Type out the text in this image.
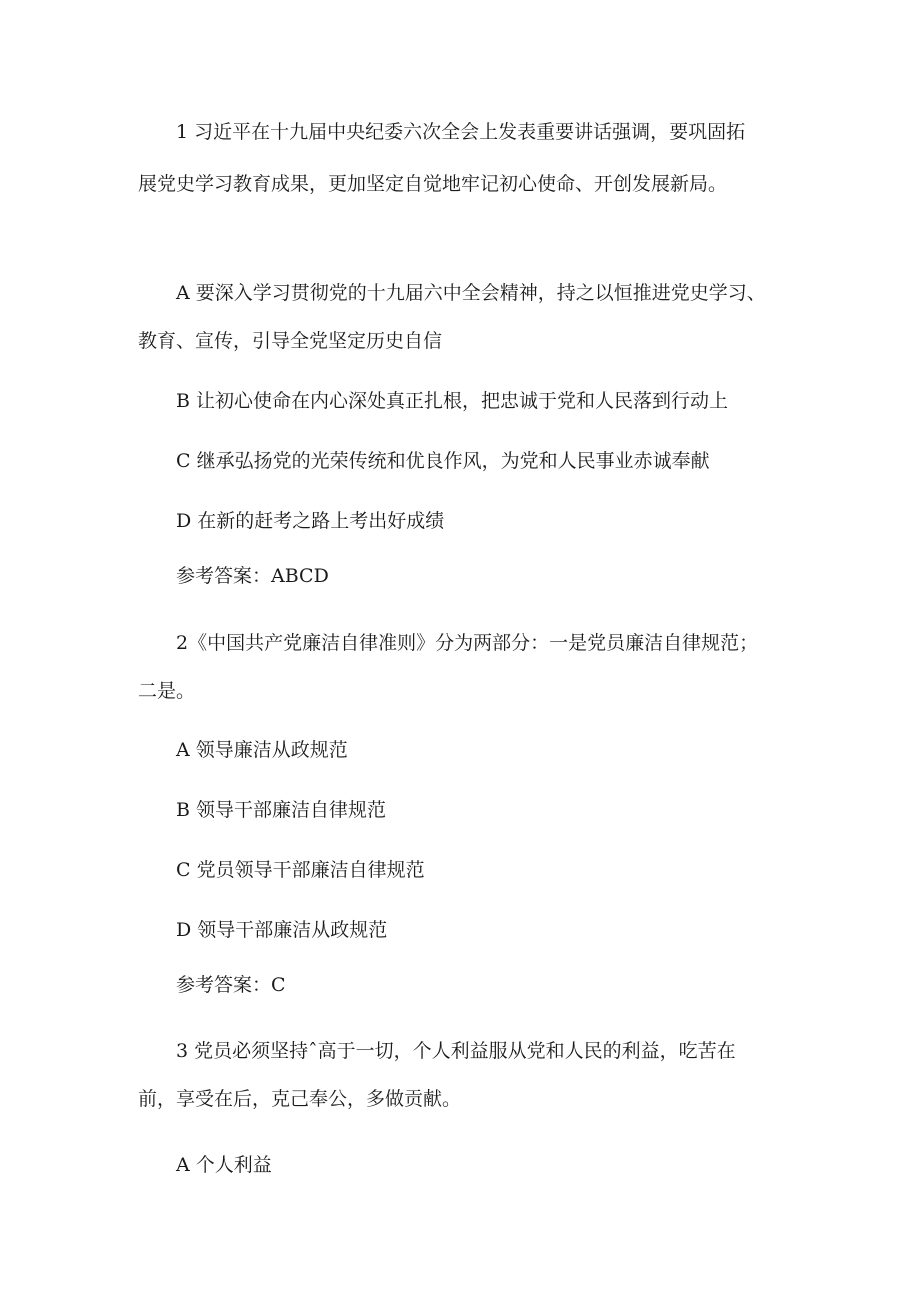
1 习近平在十九届中央纪委六次全会上发表重要讲话强调，要巩固拓
展党史学习教育成果，更加坚定自觉地牢记初心使命、开创发展新局。
A 要深入学习贯彻党的十九届六中全会精神，持之以恒推进党史学习、
教育、宣传，引导全党坚定历史自信
B 让初心使命在内心深处真正扎根，把忠诚于党和人民落到行动上
C 继承弘扬党的光荣传统和优良作风，为党和人民事业赤诚奉献
D 在新的赶考之路上考出好成绩
参考答案：ABCD
2《中国共产党廉洁自律准则》分为两部分：一是党员廉洁自律规范；
二是。
A 领导廉洁从政规范
B 领导干部廉洁自律规范
C 党员领导干部廉洁自律规范
D 领导干部廉洁从政规范
参考答案：C
3 党员必须坚持ˆ高于一切，个人利益服从党和人民的利益，吃苦在
前，享受在后，克己奉公，多做贡献。
A 个人利益
